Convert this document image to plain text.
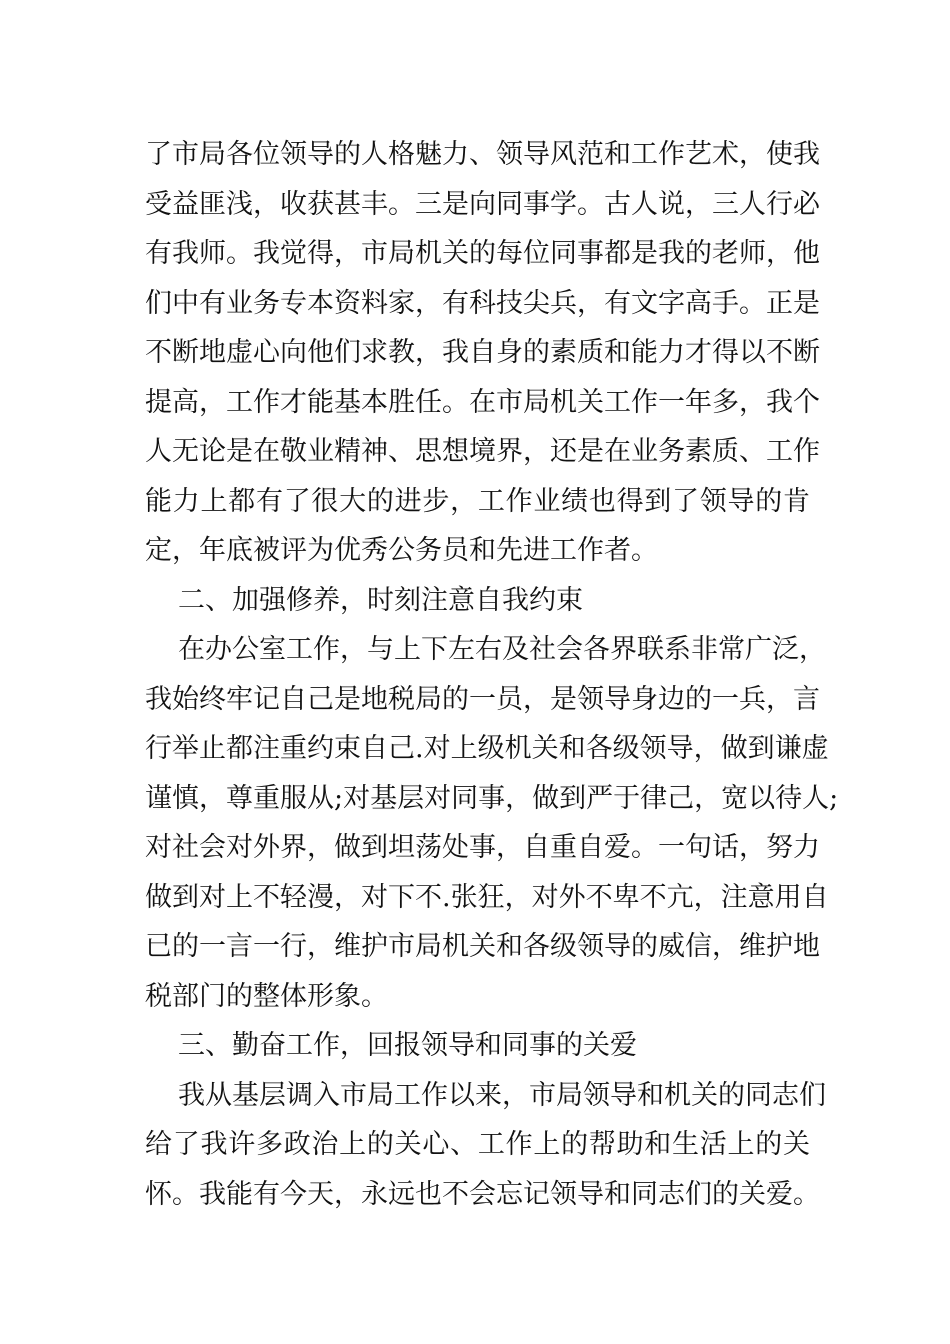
了市局各位领导的人格魅力、领导风范和工作艺术，使我
受益匪浅，收获甚丰。三是向同事学。古人说，三人行必
有我师。我觉得，市局机关的每位同事都是我的老师，他
们中有业务专本资料家，有科技尖兵，有文字高手。正是
不断地虚心向他们求教，我自身的素质和能力才得以不断
提高，工作才能基本胜任。在市局机关工作一年多，我个
人无论是在敬业精神、思想境界，还是在业务素质、工作
能力上都有了很大的进步，工作业绩也得到了领导的肯
定，年底被评为优秀公务员和先进工作者。
二、加强修养，时刻注意自我约束
在办公室工作，与上下左右及社会各界联系非常广泛，
我始终牢记自己是地税局的一员，是领导身边的一兵，言
行举止都注重约束自己.对上级机关和各级领导，做到谦虚
谨慎，尊重服从;对基层对同事，做到严于律己，宽以待人;
对社会对外界，做到坦荡处事，自重自爱。一句话，努力
做到对上不轻漫，对下不.张狂，对外不卑不亢，注意用自
已的一言一行，维护市局机关和各级领导的威信，维护地
税部门的整体形象。
三、勤奋工作，回报领导和同事的关爱
我从基层调入市局工作以来，市局领导和机关的同志们
给了我许多政治上的关心、工作上的帮助和生活上的关
怀。我能有今天，永远也不会忘记领导和同志们的关爱。
